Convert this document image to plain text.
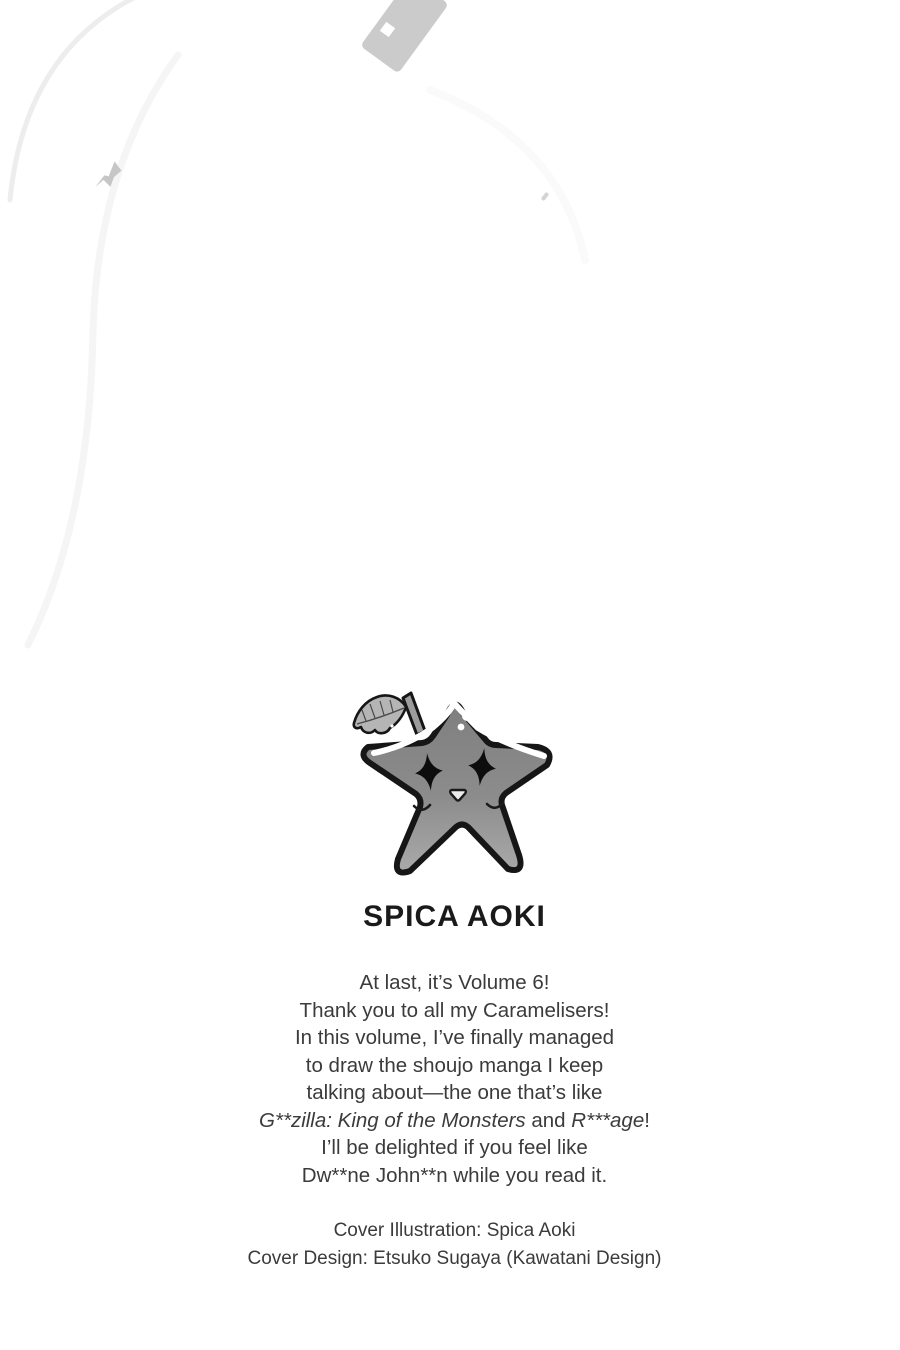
SPICA AOKI
At last, it’s Volume 6!
Thank you to all my Caramelisers!
In this volume, I’ve finally managed
to draw the shoujo manga I keep
talking about—the one that’s like
G**zilla: King of the Monsters and R***age!
I’ll be delighted if you feel like
Dw**ne John**n while you read it.
Cover Illustration: Spica Aoki
Cover Design: Etsuko Sugaya (Kawatani Design)
